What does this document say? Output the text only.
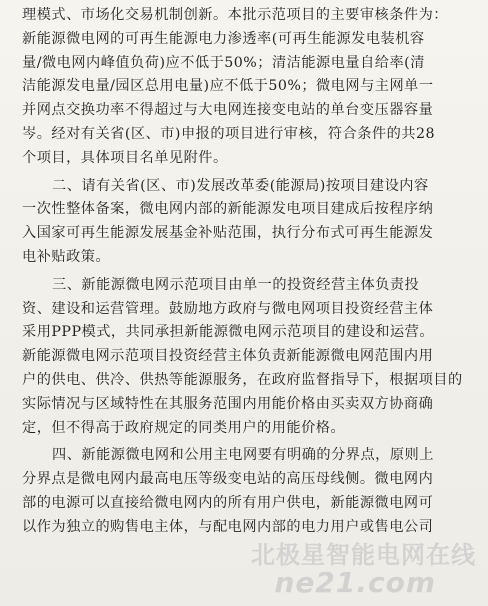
理模式、市场化交易机制创新。本批示范项目的主要审核条件为：
新能源微电网的可再生能源电力渗透率(可再生能源发电装机容
量/微电网内峰值负荷)应不低于50%；清洁能源电量自给率(清
洁能源发电量/园区总用电量)应不低于50%；微电网与主网单一
并网点交换功率不得超过与大电网连接变电站的单台变压器容量
岑。经对有关省(区、市)申报的项目进行审核，符合条件的共28
个项目，具体项目名单见附件。
二、请有关省(区、市)发展改革委(能源局)按项目建设内容
一次性整体备案，微电网内部的新能源发电项目建成后按程序纳
入国家可再生能源发展基金补贴范围，执行分布式可再生能源发
电补贴政策。
三、新能源微电网示范项目由单一的投资经营主体负责投
资、建设和运营管理。鼓励地方政府与微电网项目投资经营主体
采用PPP模式，共同承担新能源微电网示范项目的建设和运营。
新能源微电网示范项目投资经营主体负责新能源微电网范围内用
户的供电、供冷、供热等能源服务，在政府监督指导下，根据项目的
实际情况与区域特性在其服务范围内用能价格由买卖双方协商确
定，但不得高于政府规定的同类用户的用能价格。
四、新能源微电网和公用主电网要有明确的分界点，原则上
分界点是微电网内最高电压等级变电站的高压母线侧。微电网内
部的电源可以直接给微电网内的所有用户供电，新能源微电网可
以作为独立的购售电主体，与配电网内部的电力用户或售电公司
北极星智能电网在线
ne21.com
